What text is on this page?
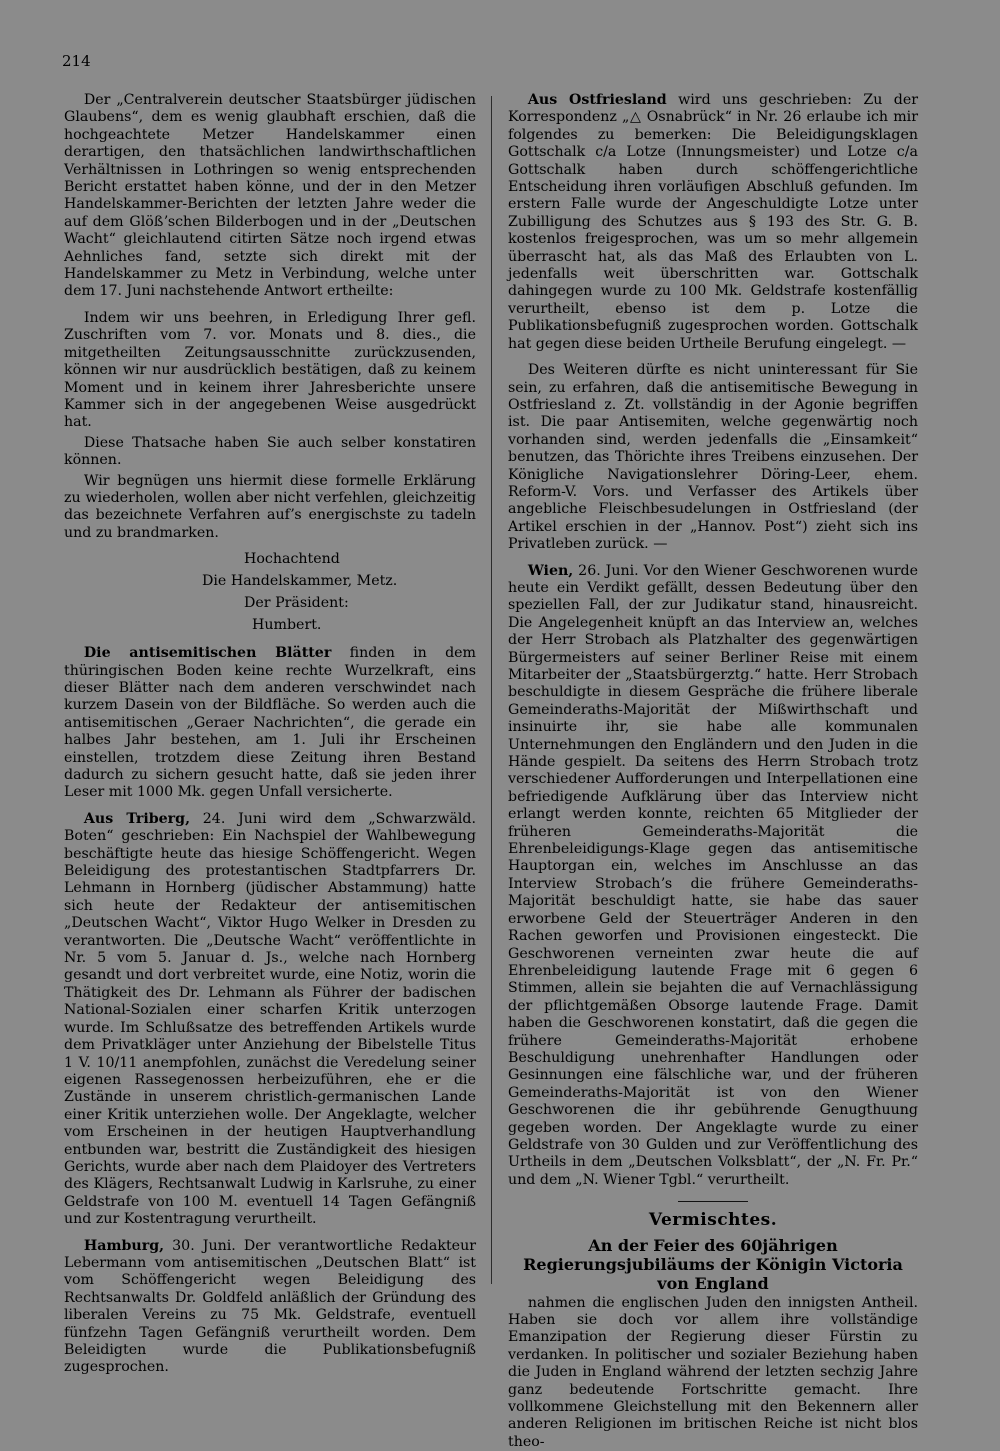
214

Der „Centralverein deutscher Staatsbürger jüdischen Glaubens“, dem es wenig glaubhaft erschien, daß die hochgeachtete Metzer Handelskammer einen derartigen, den thatsächlichen landwirthschaftlichen Verhältnissen in Lothringen so wenig entsprechenden Bericht erstattet haben könne, und der in den Metzer Handelskammer-Berichten der letzten Jahre weder die auf dem Glößʼschen Bilderbogen und in der „Deutschen Wacht“ gleichlautend citirten Sätze noch irgend etwas Aehnliches fand, setzte sich direkt mit der Handelskammer zu Metz in Verbindung, welche unter dem 17. Juni nachstehende Antwort ertheilte:

Indem wir uns beehren, in Erledigung Ihrer gefl. Zuschriften vom 7. vor. Monats und 8. dies., die mitgetheilten Zeitungsausschnitte zurückzusenden, können wir nur ausdrücklich bestätigen, daß zu keinem Moment und in keinem ihrer Jahresberichte unsere Kammer sich in der angegebenen Weise ausgedrückt hat.

Diese Thatsache haben Sie auch selber konstatiren können.

Wir begnügen uns hiermit diese formelle Erklärung zu wiederholen, wollen aber nicht verfehlen, gleichzeitig das bezeichnete Verfahren aufʼs energischste zu tadeln und zu brandmarken.

Hochachtend
Die Handelskammer, Metz.
Der Präsident:
Humbert.

Die antisemitischen Blätter finden in dem thüringischen Boden keine rechte Wurzelkraft, eins dieser Blätter nach dem anderen verschwindet nach kurzem Dasein von der Bildfläche. So werden auch die antisemitischen „Geraer Nachrichten“, die gerade ein halbes Jahr bestehen, am 1. Juli ihr Erscheinen einstellen, trotzdem diese Zeitung ihren Bestand dadurch zu sichern gesucht hatte, daß sie jeden ihrer Leser mit 1000 Mk. gegen Unfall versicherte.

Aus Triberg, 24. Juni wird dem „Schwarzwäld. Boten“ geschrieben: Ein Nachspiel der Wahlbewegung beschäftigte heute das hiesige Schöffengericht. Wegen Beleidigung des protestantischen Stadtpfarrers Dr. Lehmann in Hornberg (jüdischer Abstammung) hatte sich heute der Redakteur der antisemitischen „Deutschen Wacht“, Viktor Hugo Welker in Dresden zu verantworten. Die „Deutsche Wacht“ veröffentlichte in Nr. 5 vom 5. Januar d. Js., welche nach Hornberg gesandt und dort verbreitet wurde, eine Notiz, worin die Thätigkeit des Dr. Lehmann als Führer der badischen National-Sozialen einer scharfen Kritik unterzogen wurde. Im Schlußsatze des betreffenden Artikels wurde dem Privatkläger unter Anziehung der Bibelstelle Titus 1 V. 10/11 anempfohlen, zunächst die Veredelung seiner eigenen Rassegenossen herbeizuführen, ehe er die Zustände in unserem christlich-germanischen Lande einer Kritik unterziehen wolle. Der Angeklagte, welcher vom Erscheinen in der heutigen Hauptverhandlung entbunden war, bestritt die Zuständigkeit des hiesigen Gerichts, wurde aber nach dem Plaidoyer des Vertreters des Klägers, Rechtsanwalt Ludwig in Karlsruhe, zu einer Geldstrafe von 100 M. eventuell 14 Tagen Gefängniß und zur Kostentragung verurtheilt.

Hamburg, 30. Juni. Der verantwortliche Redakteur Lebermann vom antisemitischen „Deutschen Blatt“ ist vom Schöffengericht wegen Beleidigung des Rechtsanwalts Dr. Goldfeld anläßlich der Gründung des liberalen Vereins zu 75 Mk. Geldstrafe, eventuell fünfzehn Tagen Gefängniß verurtheilt worden. Dem Beleidigten wurde die Publikationsbefugniß zugesprochen.

Aus Ostfriesland wird uns geschrieben: Zu der Korrespondenz „△ Osnabrück“ in Nr. 26 erlaube ich mir folgendes zu bemerken: Die Beleidigungsklagen Gottschalk c/a Lotze (Innungsmeister) und Lotze c/a Gottschalk haben durch schöffengerichtliche Entscheidung ihren vorläufigen Abschluß gefunden. Im erstern Falle wurde der Angeschuldigte Lotze unter Zubilligung des Schutzes aus § 193 des Str. G. B. kostenlos freigesprochen, was um so mehr allgemein überrascht hat, als das Maß des Erlaubten von L. jedenfalls weit überschritten war. Gottschalk dahingegen wurde zu 100 Mk. Geldstrafe kostenfällig verurtheilt, ebenso ist dem p. Lotze die Publikationsbefugniß zugesprochen worden. Gottschalk hat gegen diese beiden Urtheile Berufung eingelegt. —

Des Weiteren dürfte es nicht uninteressant für Sie sein, zu erfahren, daß die antisemitische Bewegung in Ostfriesland z. Zt. vollständig in der Agonie begriffen ist. Die paar Antisemiten, welche gegenwärtig noch vorhanden sind, werden jedenfalls die „Einsamkeit“ benutzen, das Thörichte ihres Treibens einzusehen. Der Königliche Navigationslehrer Döring-Leer, ehem. Reform-V. Vors. und Verfasser des Artikels über angebliche Fleischbesudelungen in Ostfriesland (der Artikel erschien in der „Hannov. Post“) zieht sich ins Privatleben zurück. —

Wien, 26. Juni. Vor den Wiener Geschworenen wurde heute ein Verdikt gefällt, dessen Bedeutung über den speziellen Fall, der zur Judikatur stand, hinausreicht. Die Angelegenheit knüpft an das Interview an, welches der Herr Strobach als Platzhalter des gegenwärtigen Bürgermeisters auf seiner Berliner Reise mit einem Mitarbeiter der „Staatsbürgerztg.“ hatte. Herr Strobach beschuldigte in diesem Gespräche die frühere liberale Gemeinderaths-Majorität der Mißwirthschaft und insinuirte ihr, sie habe alle kommunalen Unternehmungen den Engländern und den Juden in die Hände gespielt. Da seitens des Herrn Strobach trotz verschiedener Aufforderungen und Interpellationen eine befriedigende Aufklärung über das Interview nicht erlangt werden konnte, reichten 65 Mitglieder der früheren Gemeinderaths-Majorität die Ehrenbeleidigungs-Klage gegen das antisemitische Hauptorgan ein, welches im Anschlusse an das Interview Strobachʼs die frühere Gemeinderaths-Majorität beschuldigt hatte, sie habe das sauer erworbene Geld der Steuerträger Anderen in den Rachen geworfen und Provisionen eingesteckt. Die Geschworenen verneinten zwar heute die auf Ehrenbeleidigung lautende Frage mit 6 gegen 6 Stimmen, allein sie bejahten die auf Vernachlässigung der pflichtgemäßen Obsorge lautende Frage. Damit haben die Geschworenen konstatirt, daß die gegen die frühere Gemeinderaths-Majorität erhobene Beschuldigung unehrenhafter Handlungen oder Gesinnungen eine fälschliche war, und der früheren Gemeinderaths-Majorität ist von den Wiener Geschworenen die ihr gebührende Genugthuung gegeben worden. Der Angeklagte wurde zu einer Geldstrafe von 30 Gulden und zur Veröffentlichung des Urtheils in dem „Deutschen Volksblatt“, der „N. Fr. Pr.“ und dem „N. Wiener Tgbl.“ verurtheilt.

Vermischtes.
An der Feier des 60jährigen Regierungsjubiläums der Königin Victoria von England

nahmen die englischen Juden den innigsten Antheil. Haben sie doch vor allem ihre vollständige Emanzipation der Regierung dieser Fürstin zu verdanken. In politischer und sozialer Beziehung haben die Juden in England während der letzten sechzig Jahre ganz bedeutende Fortschritte gemacht. Ihre vollkommene Gleichstellung mit den Bekennern aller anderen Religionen im britischen Reiche ist nicht blos theo-
